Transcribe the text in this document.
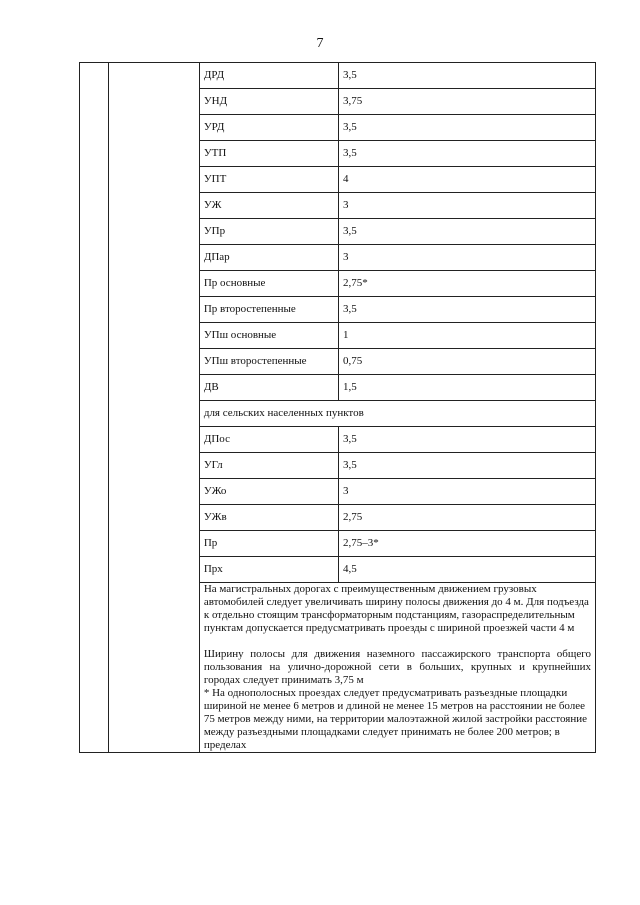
7
		ДРД	3,5
		УНД	3,75
		УРД	3,5
		УТП	3,5
		УПТ	4
		УЖ	3
		УПр	3,5
		ДПар	3
		Пр основные	2,75*
		Пр второстепенные	3,5
		УПш основные	1
		УПш второстепенные	0,75
		ДВ	1,5
		для сельских населенных пунктов	
		ДПос	3,5
		УГл	3,5
		УЖо	3
		УЖв	2,75
		Пр	2,75–3*
		Прх	4,5

		На магистральных дорогах с преимущественным движением грузовых автомобилей следует увеличивать ширину полосы движения до 4 м. Для подъезда к отдельно стоящим трансформаторным подстанциям, газораспределительным пунктам допускается предусматривать проезды с шириной проезжей части 4 м

Ширину полосы для движения наземного пассажирского транспорта общего пользования на улично-дорожной сети в больших, крупных и крупнейших городах следует принимать 3,75 м

* На однополосных проездах следует предусматривать разъездные площадки шириной не менее 6 метров и длиной не менее 15 метров на расстоянии не более 75 метров между ними, на территории малоэтажной жилой застройки расстояние между разъездными площадками следует принимать не более 200 метров; в пределах	
